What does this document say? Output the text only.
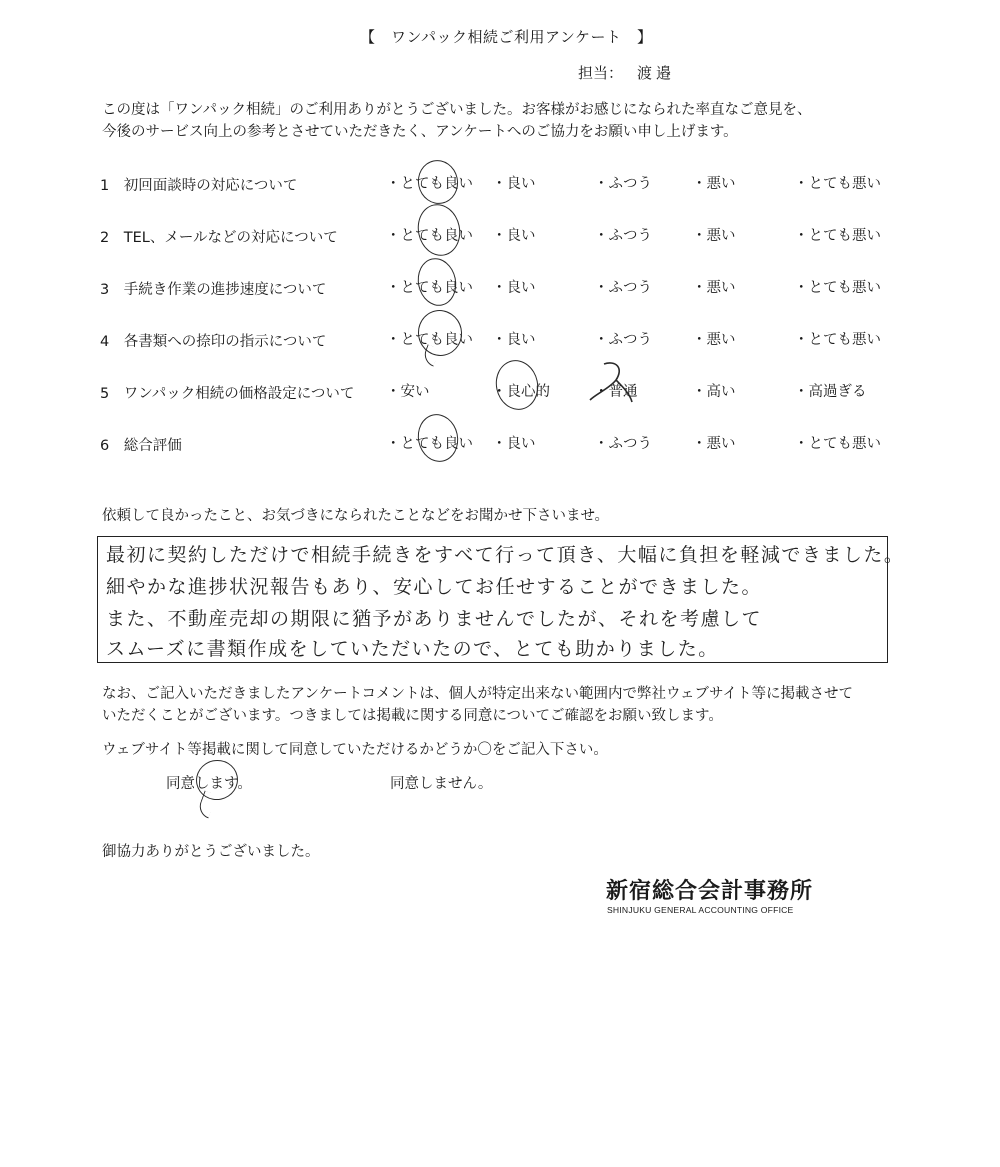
【　ワンパック相続ご利用アンケート　】
担当： 渡邉
この度は「ワンパック相続」のご利用ありがとうございました。お客様がお感じになられた率直なご意見を、
今後のサービス向上の参考とさせていただきたく、アンケートへのご協力をお願い申し上げます。
1　初回面談時の対応について	・とても良い ・良い	・ふつう	・悪い	・とても悪い
2　TEL、メールなどの対応について	・とても良い ・良い	・ふつう	・悪い	・とても悪い
3　手続き作業の進捗速度について	・とても良い ・良い	・ふつう	・悪い	・とても悪い
4　各書類への捺印の指示について	・とても良い ・良い	・ふつう	・悪い	・とても悪い
5　ワンパック相続の価格設定について ・安い	・良心的	・普通	・高い	・高過ぎる
6　総合評価	・とても良い ・良い	・ふつう	・悪い	・とても悪い
依頼して良かったこと、お気づきになられたことなどをお聞かせ下さいませ。
最初に契約しただけで相続手続きをすべて行って頂き、大幅に負担を軽減できました。
細やかな進捗状況報告もあり、安心してお任せすることができました。
また、不動産売却の期限に猶予がありませんでしたが、それを考慮して
スムーズに書類作成をしていただいたので、とても助かりました。
なお、ご記入いただきましたアンケートコメントは、個人が特定出来ない範囲内で弊社ウェブサイト等に掲載させて
いただくことがございます。つきましては掲載に関する同意についてご確認をお願い致します。
ウェブサイト等掲載に関して同意していただけるかどうか〇をご記入下さい。
同意します。	同意しません。
御協力ありがとうございました。
新宿総合会計事務所
SHINJUKU GENERAL ACCOUNTING OFFICE
